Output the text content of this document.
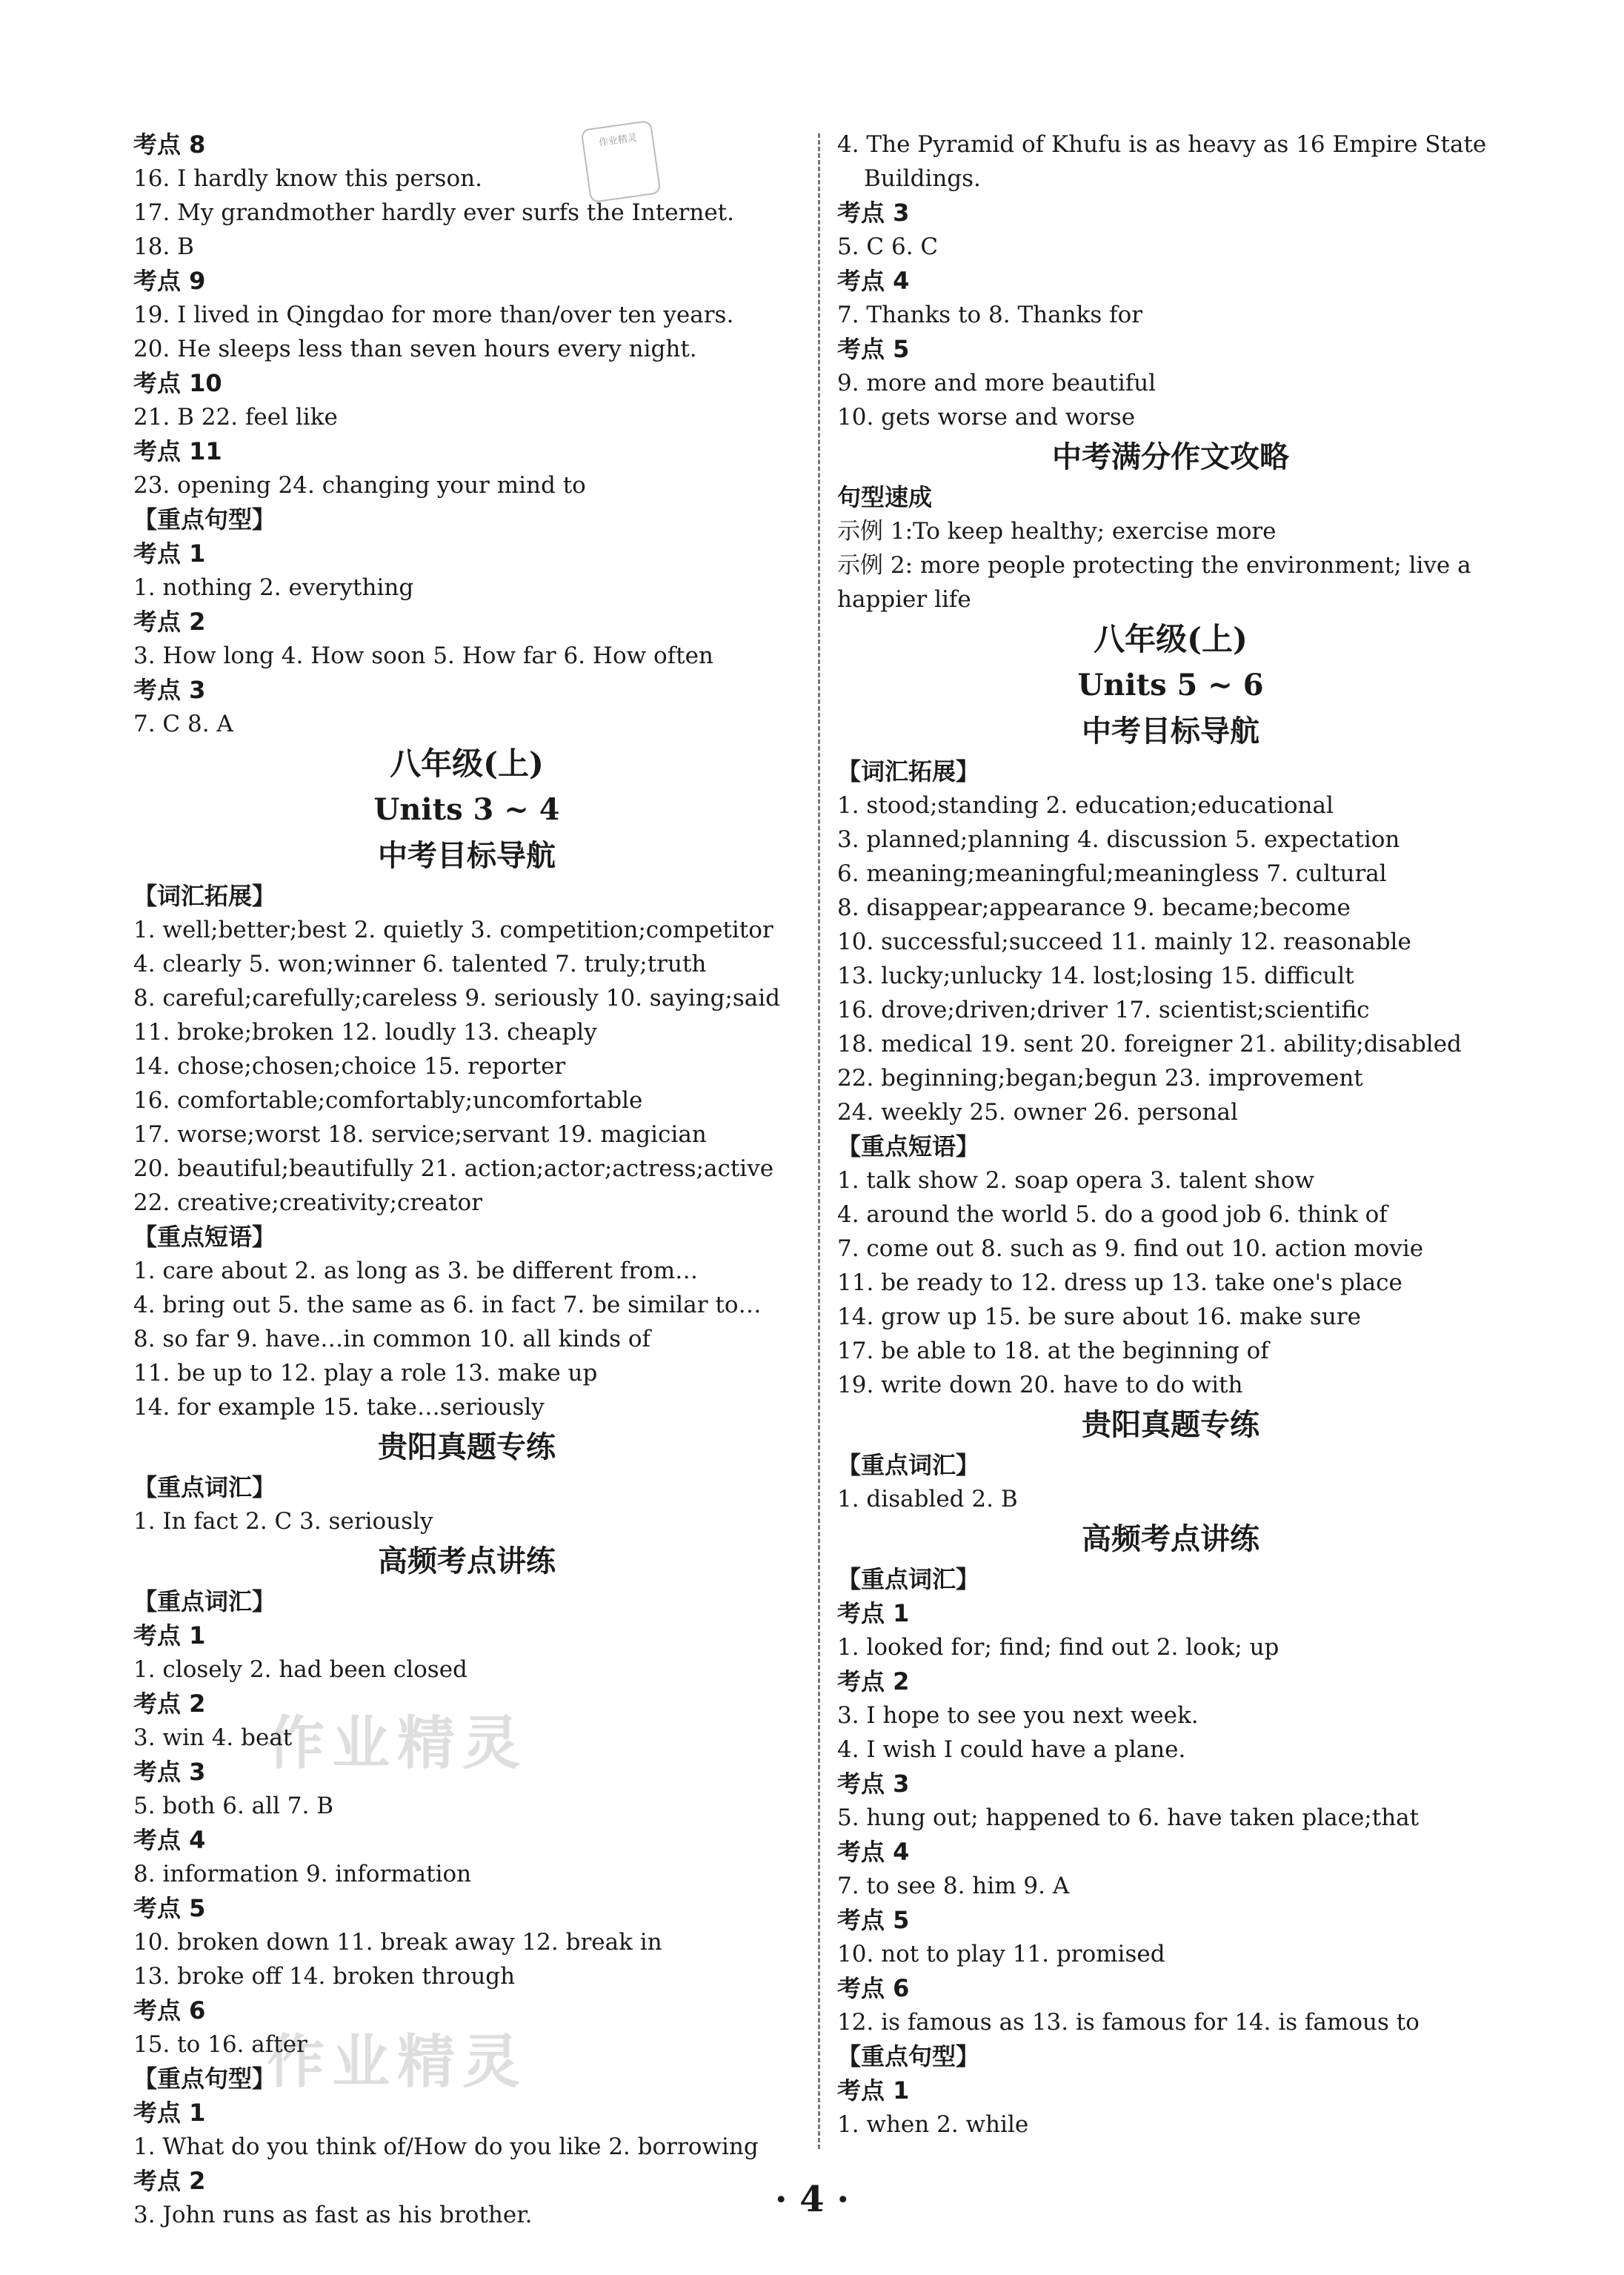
作业精灵
作业精灵
作业精灵
考点 8
16. I hardly know this person.
17. My grandmother hardly ever surfs the Internet.
18. B
考点 9
19. I lived in Qingdao for more than/over ten years.
20. He sleeps less than seven hours every night.
考点 10
21. B 22. feel like
考点 11
23. opening 24. changing your mind to
【重点句型】
考点 1
1. nothing 2. everything
考点 2
3. How long 4. How soon 5. How far 6. How often
考点 3
7. C 8. A
八年级(上)
Units 3 ~ 4
中考目标导航
【词汇拓展】
1. well;better;best 2. quietly 3. competition;competitor
4. clearly 5. won;winner 6. talented 7. truly;truth
8. careful;carefully;careless 9. seriously 10. saying;said
11. broke;broken 12. loudly 13. cheaply
14. chose;chosen;choice 15. reporter
16. comfortable;comfortably;uncomfortable
17. worse;worst 18. service;servant 19. magician
20. beautiful;beautifully 21. action;actor;actress;active
22. creative;creativity;creator
【重点短语】
1. care about 2. as long as 3. be different from…
4. bring out 5. the same as 6. in fact 7. be similar to…
8. so far 9. have…in common 10. all kinds of
11. be up to 12. play a role 13. make up
14. for example 15. take…seriously
贵阳真题专练
【重点词汇】
1. In fact 2. C 3. seriously
高频考点讲练
【重点词汇】
考点 1
1. closely 2. had been closed
考点 2
3. win 4. beat
考点 3
5. both 6. all 7. B
考点 4
8. information 9. information
考点 5
10. broken down 11. break away 12. break in
13. broke off 14. broken through
考点 6
15. to 16. after
【重点句型】
考点 1
1. What do you think of/How do you like 2. borrowing
考点 2
3. John runs as fast as his brother.
4. The Pyramid of Khufu is as heavy as 16 Empire State
Buildings.
考点 3
5. C 6. C
考点 4
7. Thanks to 8. Thanks for
考点 5
9. more and more beautiful
10. gets worse and worse
中考满分作文攻略
句型速成
示例 1:To keep healthy; exercise more
示例 2: more people protecting the environment; live a
happier life
八年级(上)
Units 5 ~ 6
中考目标导航
【词汇拓展】
1. stood;standing 2. education;educational
3. planned;planning 4. discussion 5. expectation
6. meaning;meaningful;meaningless 7. cultural
8. disappear;appearance 9. became;become
10. successful;succeed 11. mainly 12. reasonable
13. lucky;unlucky 14. lost;losing 15. difficult
16. drove;driven;driver 17. scientist;scientific
18. medical 19. sent 20. foreigner 21. ability;disabled
22. beginning;began;begun 23. improvement
24. weekly 25. owner 26. personal
【重点短语】
1. talk show 2. soap opera 3. talent show
4. around the world 5. do a good job 6. think of
7. come out 8. such as 9. find out 10. action movie
11. be ready to 12. dress up 13. take one's place
14. grow up 15. be sure about 16. make sure
17. be able to 18. at the beginning of
19. write down 20. have to do with
贵阳真题专练
【重点词汇】
1. disabled 2. B
高频考点讲练
【重点词汇】
考点 1
1. looked for; find; find out 2. look; up
考点 2
3. I hope to see you next week.
4. I wish I could have a plane.
考点 3
5. hung out; happened to 6. have taken place;that
考点 4
7. to see 8. him 9. A
考点 5
10. not to play 11. promised
考点 6
12. is famous as 13. is famous for 14. is famous to
【重点句型】
考点 1
1. when 2. while
· 4 ·
